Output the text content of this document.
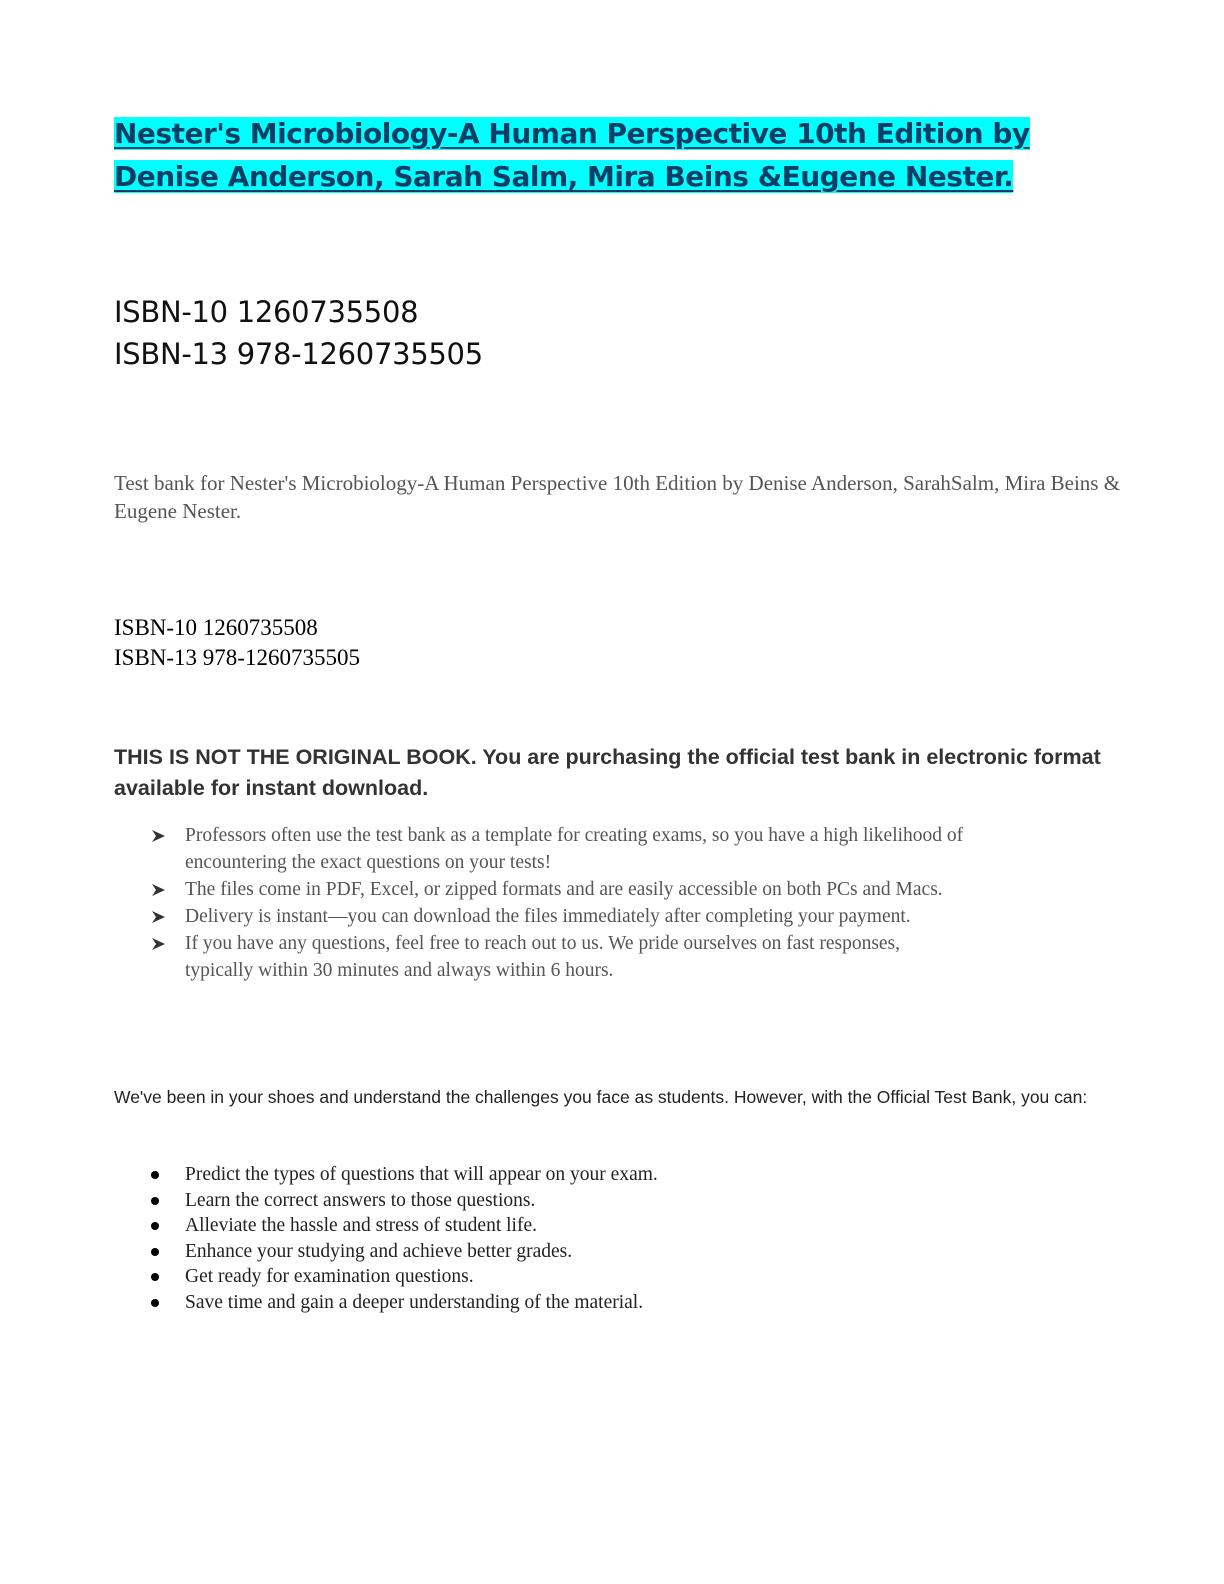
Nester's Microbiology-A Human Perspective 10th Edition by Denise Anderson, Sarah Salm, Mira Beins &Eugene Nester.
ISBN-10 1260735508
ISBN-13 978-1260735505
Test bank for Nester's Microbiology-A Human Perspective 10th Edition by Denise Anderson, SarahSalm, Mira Beins & Eugene Nester.
ISBN-10 1260735508
ISBN-13 978-1260735505
THIS IS NOT THE ORIGINAL BOOK. You are purchasing the official test bank in electronic format available for instant download.
Professors often use the test bank as a template for creating exams, so you have a high likelihood of encountering the exact questions on your tests!
The files come in PDF, Excel, or zipped formats and are easily accessible on both PCs and Macs.
Delivery is instant—you can download the files immediately after completing your payment.
If you have any questions, feel free to reach out to us. We pride ourselves on fast responses, typically within 30 minutes and always within 6 hours.
We've been in your shoes and understand the challenges you face as students. However, with the Official Test Bank, you can:
Predict the types of questions that will appear on your exam.
Learn the correct answers to those questions.
Alleviate the hassle and stress of student life.
Enhance your studying and achieve better grades.
Get ready for examination questions.
Save time and gain a deeper understanding of the material.
